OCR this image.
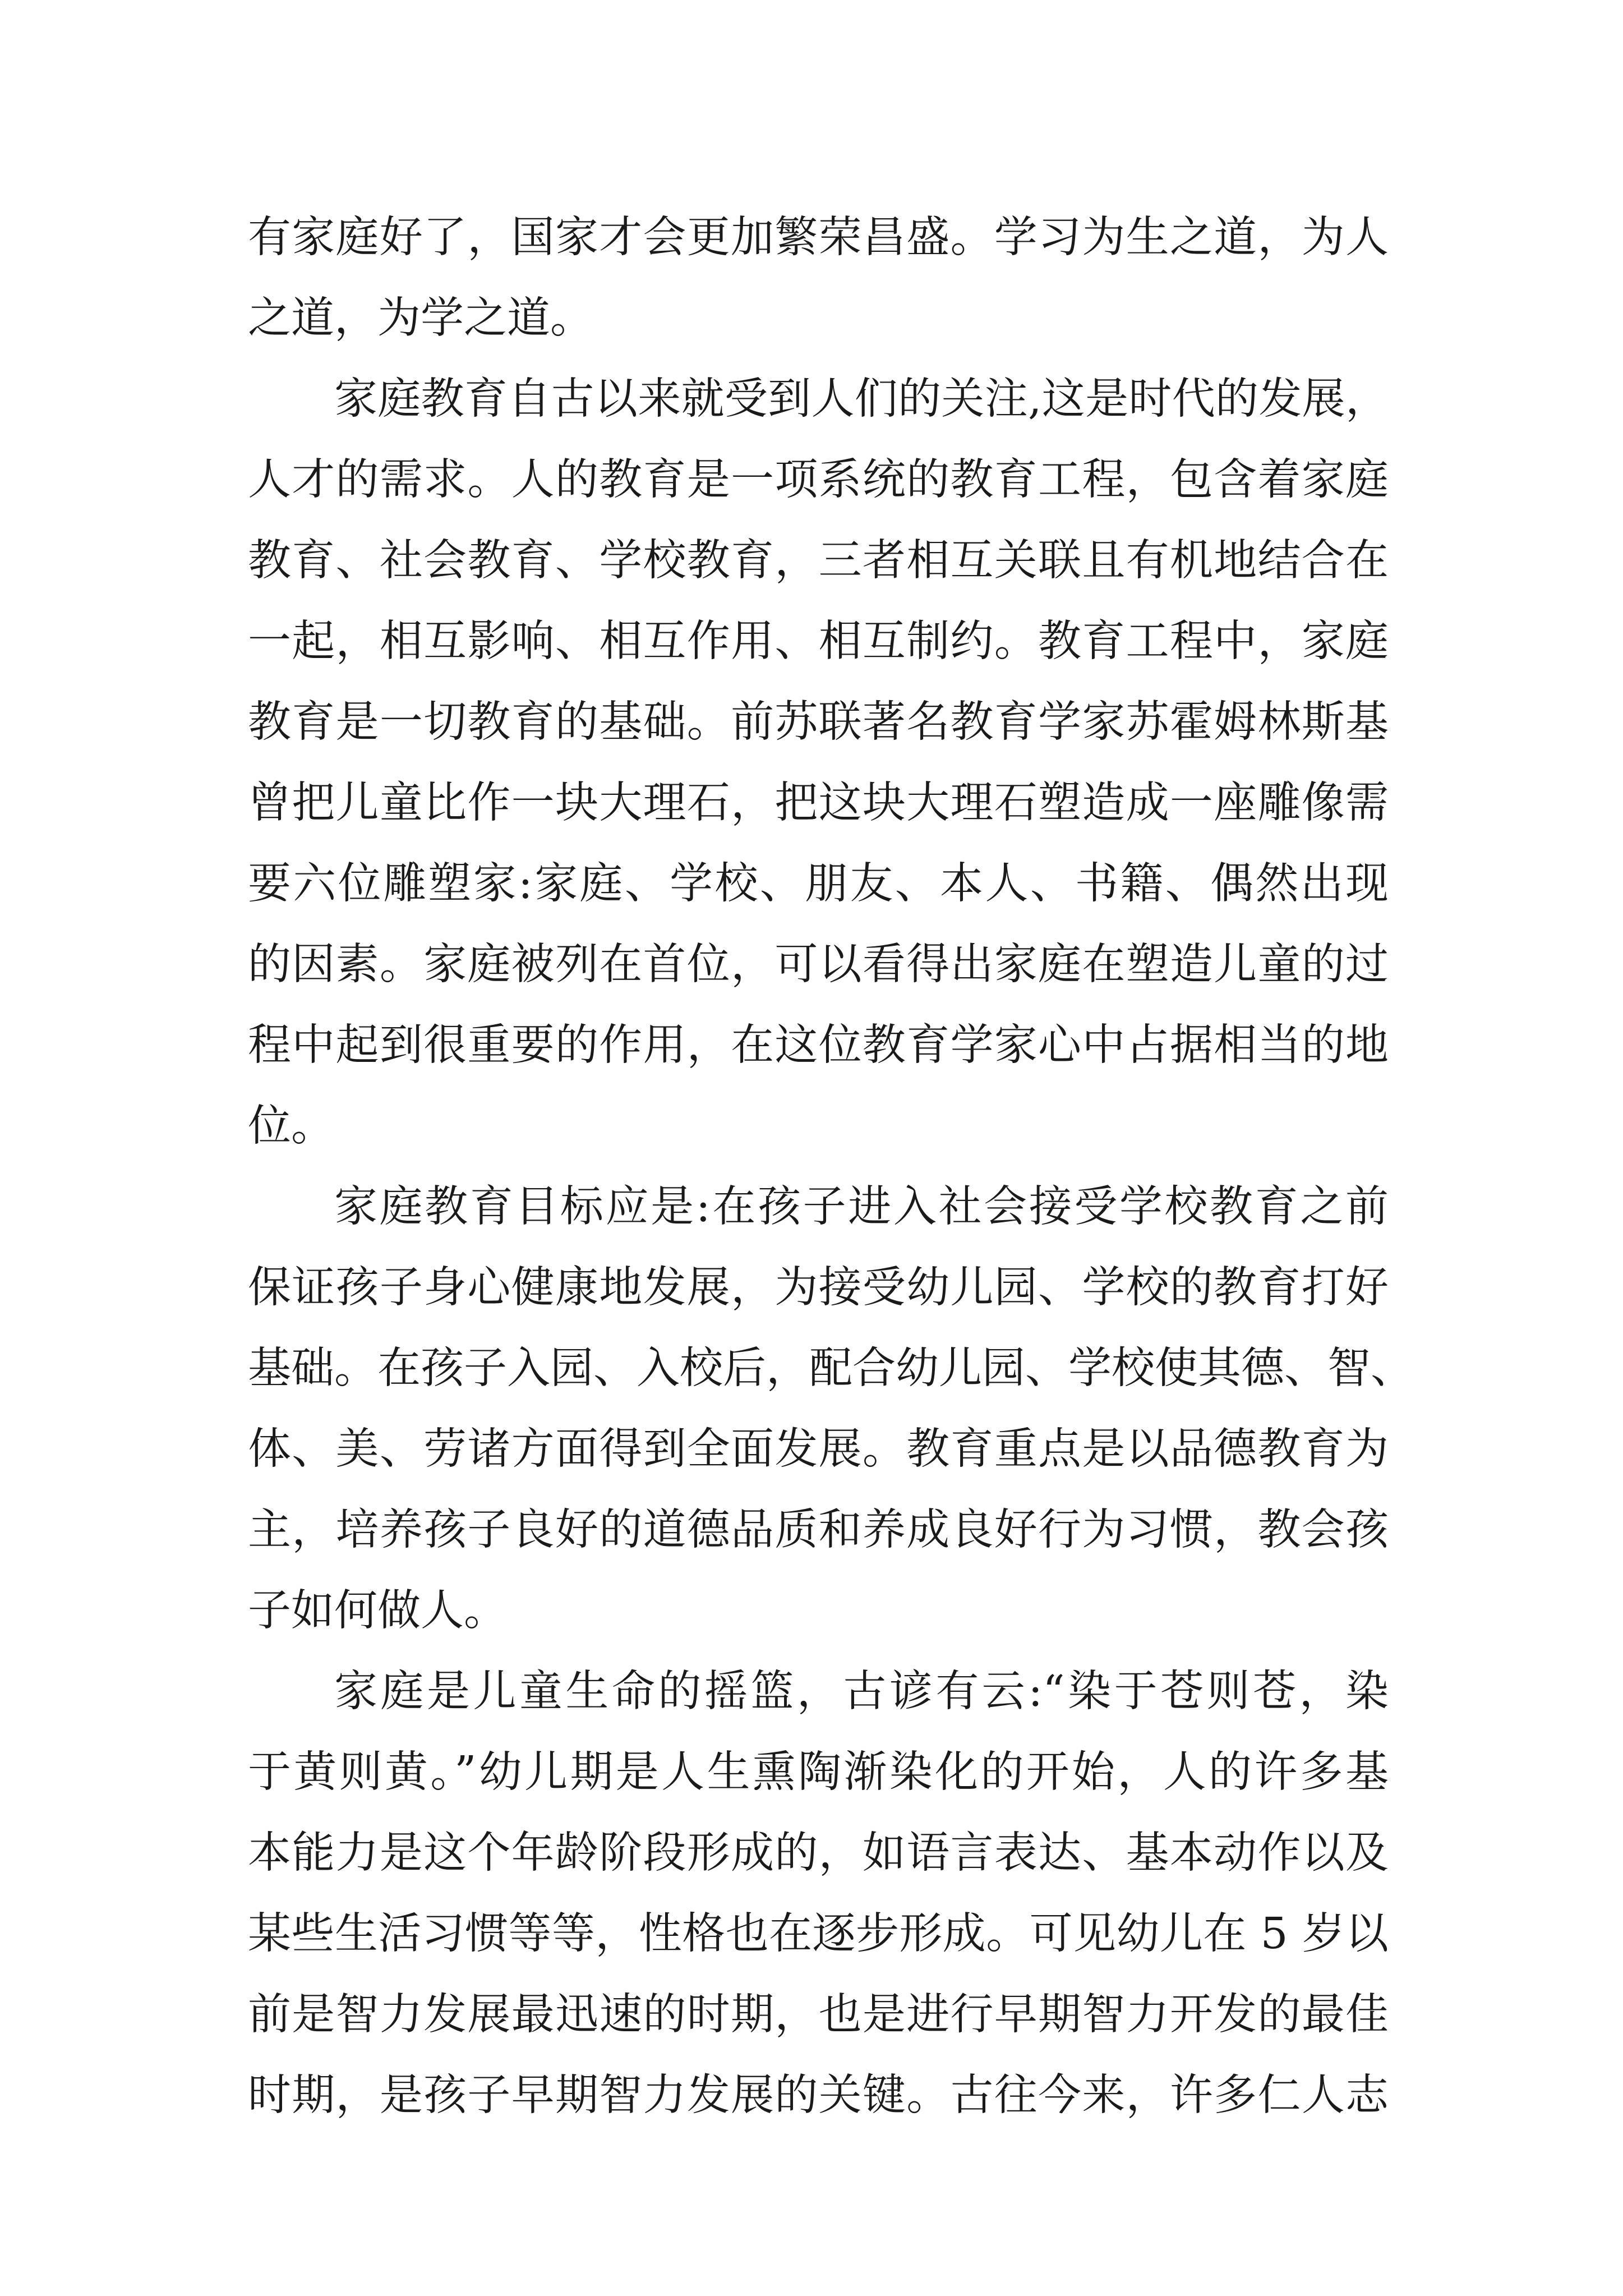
有家庭好了，国家才会更加繁荣昌盛。学习为生之道，为人
之道，为学之道。
家庭教育自古以来就受到人们的关注,这是时代的发展，
人才的需求。人的教育是一项系统的教育工程，包含着家庭
教育、社会教育、学校教育，三者相互关联且有机地结合在
一起，相互影响、相互作用、相互制约。教育工程中，家庭
教育是一切教育的基础。前苏联著名教育学家苏霍姆林斯基
曾把儿童比作一块大理石，把这块大理石塑造成一座雕像需
要六位雕塑家:家庭、学校、朋友、本人、书籍、偶然出现
的因素。家庭被列在首位，可以看得出家庭在塑造儿童的过
程中起到很重要的作用，在这位教育学家心中占据相当的地
位。
家庭教育目标应是:在孩子进入社会接受学校教育之前
保证孩子身心健康地发展，为接受幼儿园、学校的教育打好
基础。在孩子入园、入校后，配合幼儿园、学校使其德、智、
体、美、劳诸方面得到全面发展。教育重点是以品德教育为
主，培养孩子良好的道德品质和养成良好行为习惯，教会孩
子如何做人。
家庭是儿童生命的摇篮，古谚有云:“染于苍则苍，染
于黄则黄。”幼儿期是人生熏陶渐染化的开始，人的许多基
本能力是这个年龄阶段形成的，如语言表达、基本动作以及
某些生活习惯等等，性格也在逐步形成。可见幼儿在 5 岁以
前是智力发展最迅速的时期，也是进行早期智力开发的最佳
时期，是孩子早期智力发展的关键。古往今来，许多仁人志
